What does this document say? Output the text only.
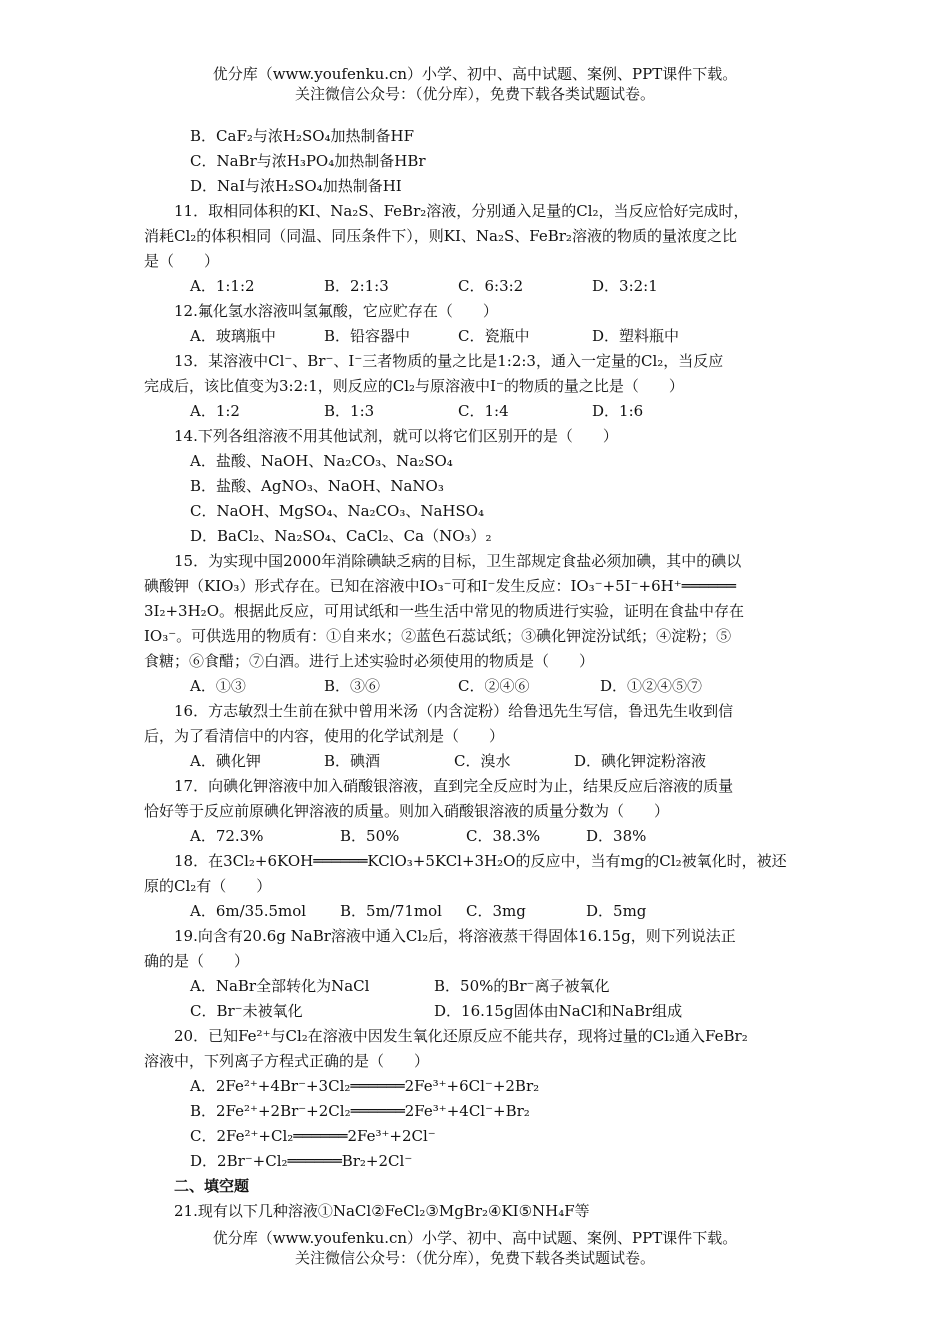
优分库（www.youfenku.cn）小学、初中、高中试题、案例、PPT课件下载。
关注微信公众号：（优分库），免费下载各类试题试卷。
B．CaF₂与浓H₂SO₄加热制备HF
C．NaBr与浓H₃PO₄加热制备HBr
D．NaI与浓H₂SO₄加热制备HI
11．取相同体积的KI、Na₂S、FeBr₂溶液，分别通入足量的Cl₂，当反应恰好完成时，
消耗Cl₂的体积相同（同温、同压条件下），则KI、Na₂S、FeBr₂溶液的物质的量浓度之比
是（　　）
A．1:1:2	B．2:1:3	C．6:3:2	D．3:2:1
12.氟化氢水溶液叫氢氟酸，它应贮存在（　　）
A．玻璃瓶中	B．铅容器中	C．瓷瓶中	D．塑料瓶中
13．某溶液中Cl⁻、Br⁻、I⁻三者物质的量之比是1:2:3，通入一定量的Cl₂，当反应
完成后，该比值变为3:2:1，则反应的Cl₂与原溶液中I⁻的物质的量之比是（　　）
A．1:2	B．1:3	C．1:4	D．1:6
14.下列各组溶液不用其他试剂，就可以将它们区别开的是（　　）
A．盐酸、NaOH、Na₂CO₃、Na₂SO₄
B．盐酸、AgNO₃、NaOH、NaNO₃
C．NaOH、MgSO₄、Na₂CO₃、NaHSO₄
D．BaCl₂、Na₂SO₄、CaCl₂、Ca（NO₃）₂
15．为实现中国2000年消除碘缺乏病的目标，卫生部规定食盐必须加碘，其中的碘以
碘酸钾（KIO₃）形式存在。已知在溶液中IO₃⁻可和I⁻发生反应：IO₃⁻+5I⁻+6H⁺══════
3I₂+3H₂O。根据此反应，可用试纸和一些生活中常见的物质进行实验，证明在食盐中存在
IO₃⁻。可供选用的物质有：①自来水；②蓝色石蕊试纸；③碘化钾淀汾试纸；④淀粉；⑤
食糖；⑥食醋；⑦白酒。进行上述实验时必须使用的物质是（　　）
A．①③	B．③⑥	C．②④⑥	D．①②④⑤⑦
16．方志敏烈士生前在狱中曾用米汤（内含淀粉）给鲁迅先生写信，鲁迅先生收到信
后，为了看清信中的内容，使用的化学试剂是（　　）
A．碘化钾	B．碘酒	C．溴水	D．碘化钾淀粉溶液
17．向碘化钾溶液中加入硝酸银溶液，直到完全反应时为止，结果反应后溶液的质量
恰好等于反应前原碘化钾溶液的质量。则加入硝酸银溶液的质量分数为（　　）
A．72.3%	B．50%	C．38.3%	D．38%
18．在3Cl₂+6KOH══════KClO₃+5KCl+3H₂O的反应中，当有mg的Cl₂被氧化时，被还
原的Cl₂有（　　）
A．6m/35.5mol	B．5m/71mol	C．3mg	D．5mg
19.向含有20.6g NaBr溶液中通入Cl₂后，将溶液蒸干得固体16.15g，则下列说法正
确的是（　　）
A．NaBr全部转化为NaCl	B．50%的Br⁻离子被氧化
C．Br⁻未被氧化	D．16.15g固体由NaCl和NaBr组成
20．已知Fe²⁺与Cl₂在溶液中因发生氧化还原反应不能共存，现将过量的Cl₂通入FeBr₂
溶液中，下列离子方程式正确的是（　　）
A．2Fe²⁺+4Br⁻+3Cl₂══════2Fe³⁺+6Cl⁻+2Br₂
B．2Fe²⁺+2Br⁻+2Cl₂══════2Fe³⁺+4Cl⁻+Br₂
C．2Fe²⁺+Cl₂══════2Fe³⁺+2Cl⁻
D．2Br⁻+Cl₂══════Br₂+2Cl⁻
二、填空题
21.现有以下几种溶液①NaCl②FeCl₂③MgBr₂④KI⑤NH₄F等
优分库（www.youfenku.cn）小学、初中、高中试题、案例、PPT课件下载。
关注微信公众号：（优分库），免费下载各类试题试卷。
